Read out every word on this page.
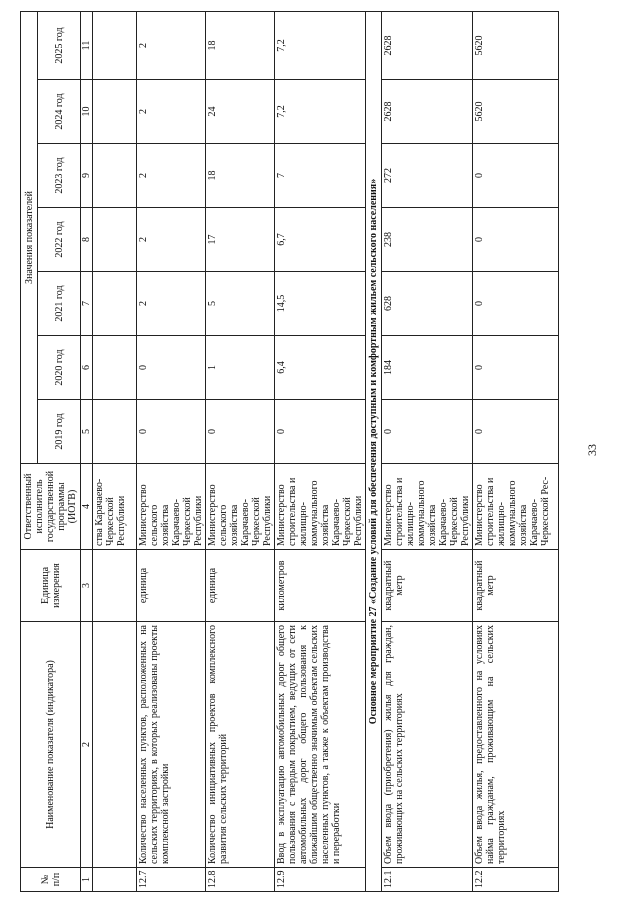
№ п/п	Наименование показателя (индикатора)	Единица измерения	Ответственный исполнитель государственной программы (ИОГВ)	Значения показателей						
				2019 год	2020 год	2021 год	2022 год	2023 год	2024 год	2025 год
1	2	3	4	5	6	7	8	9	10	11
			ства Карачаево-Черкесской Республики							
12.7	Количество населенных пунктов, расположенных на сельских территориях, в которых реализованы проекты комплексной застройки	единица	Министерство сельского хозяйства Карачаево-Черкесской Республики	0	0	2	2	2	2	2
12.8	Количество инициативных проектов комплексного развития сельских территорий	единица	Министерство сельского хозяйства Карачаево-Черкесской Республики	0	1	5	17	18	24	18
12.9	Ввод в эксплуатацию автомобильных дорог общего пользования с твердым покрытием, ведущих от сети автомобильных дорог общего пользования к ближайшим общественно значимым объектам сельских населенных пунктов, а также к объектам производства и переработки	километров	Министерство строительства и жилищно-коммунального хозяйства Карачаево-Черкесской Республики	0	6,4	14,5	6,7	7	7,2	7,2
Основное мероприятие 27 «Создание условий для обеспечения доступным и комфортным жильем сельского населения»										
12.1	Объем ввода (приобретения) жилья для граждан, проживающих на сельских территориях	квадратный метр	Министерство строительства и жилищно-коммунального хозяйства Карачаево-Черкесской Республики	0	184	628	238	272	2628	2628
12.2	Объем ввода жилья, предоставленного на условиях найма гражданам, проживающим на сельских территориях	квадратный метр	Министерство строительства и жилищно-коммунального хозяйства Карачаево-Черкесской Рес-	0	0	0	0	0	5620	5620
33
